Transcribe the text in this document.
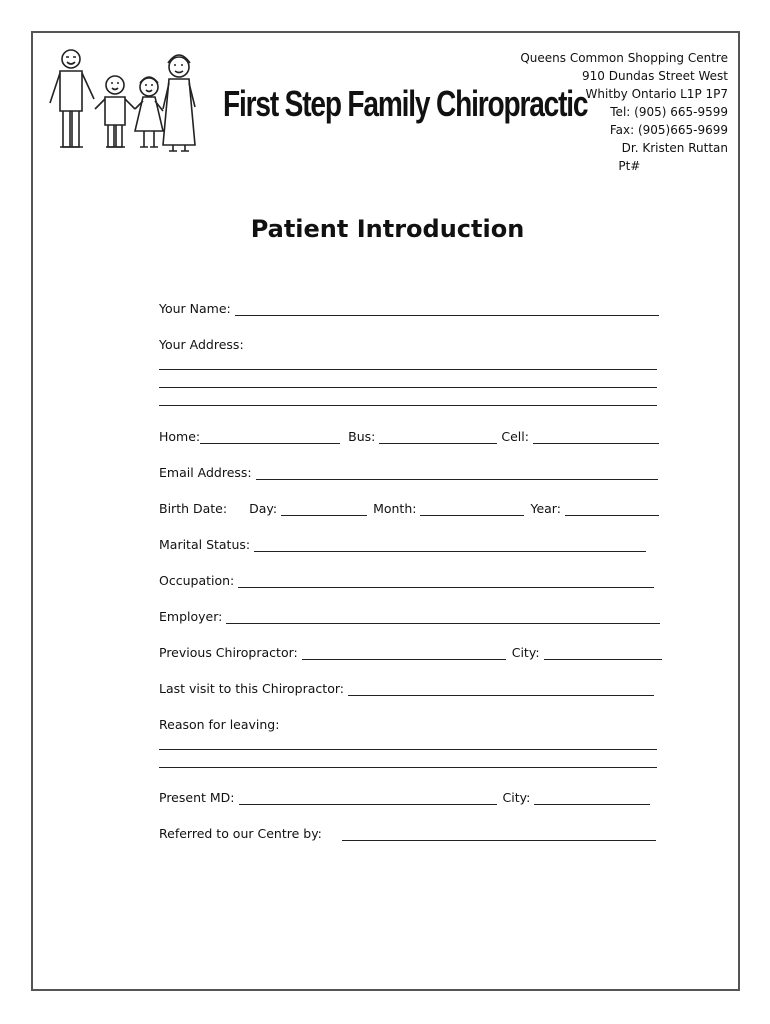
First Step Family Chiropractic
Queens Common Shopping Centre
910 Dundas Street West
Whitby Ontario L1P 1P7
Tel: (905) 665-9599
Fax: (905)665-9699
Dr. Kristen Ruttan
Pt#
Patient Introduction
Your Name:
Your Address:
Home:	Bus:	Cell:
Email Address:
Birth Date: Day:	Month:	Year:
Marital Status:
Occupation:
Employer:
Previous Chiropractor:	City:
Last visit to this Chiropractor:
Reason for leaving:
Present MD:	City:
Referred to our Centre by:
